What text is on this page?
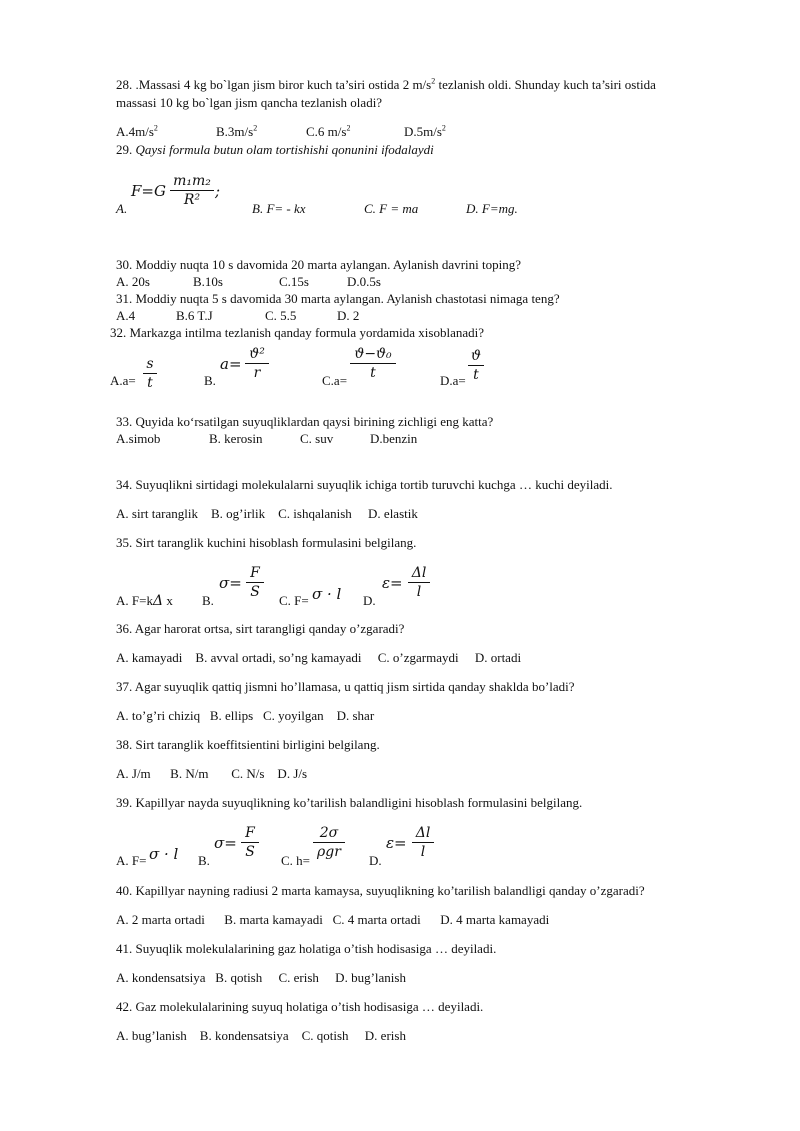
28. .Massasi 4 kg bo`lgan jism biror kuch ta’siri ostida 2 $m/s^2$ tezlanish oldi. Shunday kuch ta’siri ostida
massasi 10 kg bo`lgan jism qancha tezlanish oladi?
$A.4m/s^2$	$B.3m/s^2$	C.6 $m/s^2$	$D.5m/s^2$
29. Qaysi formula butun olam tortishishi qonunini ifodalaydi
A.
$F=G \frac{\text{m₁m₂}}{\text{R²}}$ ;
B. F= - kx	C. F = ma	D. F=mg.
30. Moddiy nuqta 10 s davomida 20 marta aylangan. Aylanish davrini toping?
A. 20s	B.10s	C.15s	D.0.5s
31. Moddiy nuqta 5 s davomida 30 marta aylangan. Aylanish chastotasi nimaga teng?
A.4	B.6 T.J	C. 5.5	D. 2
32. Markazga intilma tezlanish qanday formula yordamida xisoblanadi?
$A.a= \frac{s}{t}$	B.
$a= \frac{\text{ϑ²}}{r}$	$C.a= \frac{\text{ϑ−ϑ₀}}{t}$	$D.a= \frac{ϑ}{t}$
33. Quyida ko‘rsatilgan suyuqliklardan qaysi birining zichligi eng katta?
A.simob	B. kerosin	C. suv	D.benzin
34. Suyuqlikni sirtidagi molekulalarni suyuqlik ichiga tortib turuvchi kuchga … kuchi deyiladi.
A. sirt taranglik    B. og’irlik    C. ishqalanish     D. elastik
35. Sirt taranglik kuchini hisoblash formulasini belgilang.
A. F=kΔ x B.
$\sigma= \frac{F}{S} C$. F= σ · l D.
$\varepsilon= \frac{\Delta l}{l}$
36. Agar harorat ortsa, sirt tarangligi qanday o’zgaradi?
A. kamayadi    B. avval ortadi, so’ng kamayadi     C. o’zgarmaydi     D. ortadi
37. Agar suyuqlik qattiq jismni ho’llamasa, u qattiq jism sirtida qanday shaklda bo’ladi?
A. to’g’ri chiziq   B. ellips   C. yoyilgan    D. shar
38. Sirt taranglik koeffitsientini birligini belgilang.
A. J/m      B. N/m       C. N/s    D. J/s
39. Kapillyar nayda suyuqlikning ko’tarilish balandligini hisoblash formulasini belgilang.
A. F= σ · l B.
$\sigma= \frac{F}{S} C$. h=
2σ
ρgr
D.
$\varepsilon= \frac{\Delta l}{l}$
40. Kapillyar nayning radiusi 2 marta kamaysa, suyuqlikning ko’tarilish balandligi qanday o’zgaradi?
A. 2 marta ortadi      B. marta kamayadi   C. 4 marta ortadi      D. 4 marta kamayadi
41. Suyuqlik molekulalarining gaz holatiga o’tish hodisasiga … deyiladi.
A. kondensatsiya   B. qotish     C. erish     D. bug’lanish
42. Gaz molekulalarining suyuq holatiga o’tish hodisasiga … deyiladi.
A. bug’lanish    B. kondensatsiya    C. qotish     D. erish
